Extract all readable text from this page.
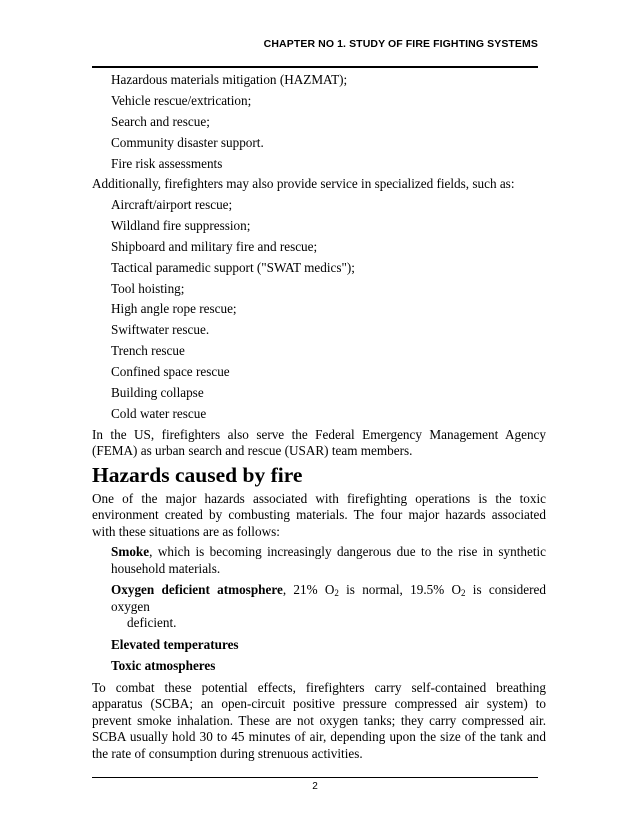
CHAPTER NO 1. STUDY OF FIRE FIGHTING SYSTEMS
Hazardous materials mitigation (HAZMAT);
Vehicle rescue/extrication;
Search and rescue;
Community disaster support.
Fire risk assessments

Additionally, firefighters may also provide service in specialized fields, such as:

Aircraft/airport rescue;
Wildland fire suppression;
Shipboard and military fire and rescue;
Tactical paramedic support ("SWAT medics");
Tool hoisting;
High angle rope rescue;
Swiftwater rescue.
Trench rescue
Confined space rescue
Building collapse
Cold water rescue

In the US, firefighters also serve the Federal Emergency Management Agency (FEMA) as urban search and rescue (USAR) team members.

Hazards caused by fire

One of the major hazards associated with firefighting operations is the toxic environment created by combusting materials. The four major hazards associated with these situations are as follows:

Smoke, which is becoming increasingly dangerous due to the rise in synthetic household materials.
Oxygen deficient atmosphere, 21% $O_2$ is normal, 19.5% $O_2$ is considered oxygen
deficient.
Elevated temperatures
Toxic atmospheres

To combat these potential effects, firefighters carry self-contained breathing apparatus (SCBA; an open-circuit positive pressure compressed air system) to prevent smoke inhalation. These are not oxygen tanks; they carry compressed air. SCBA usually hold 30 to 45 minutes of air, depending upon the size of the tank and the rate of consumption during strenuous activities.

2
